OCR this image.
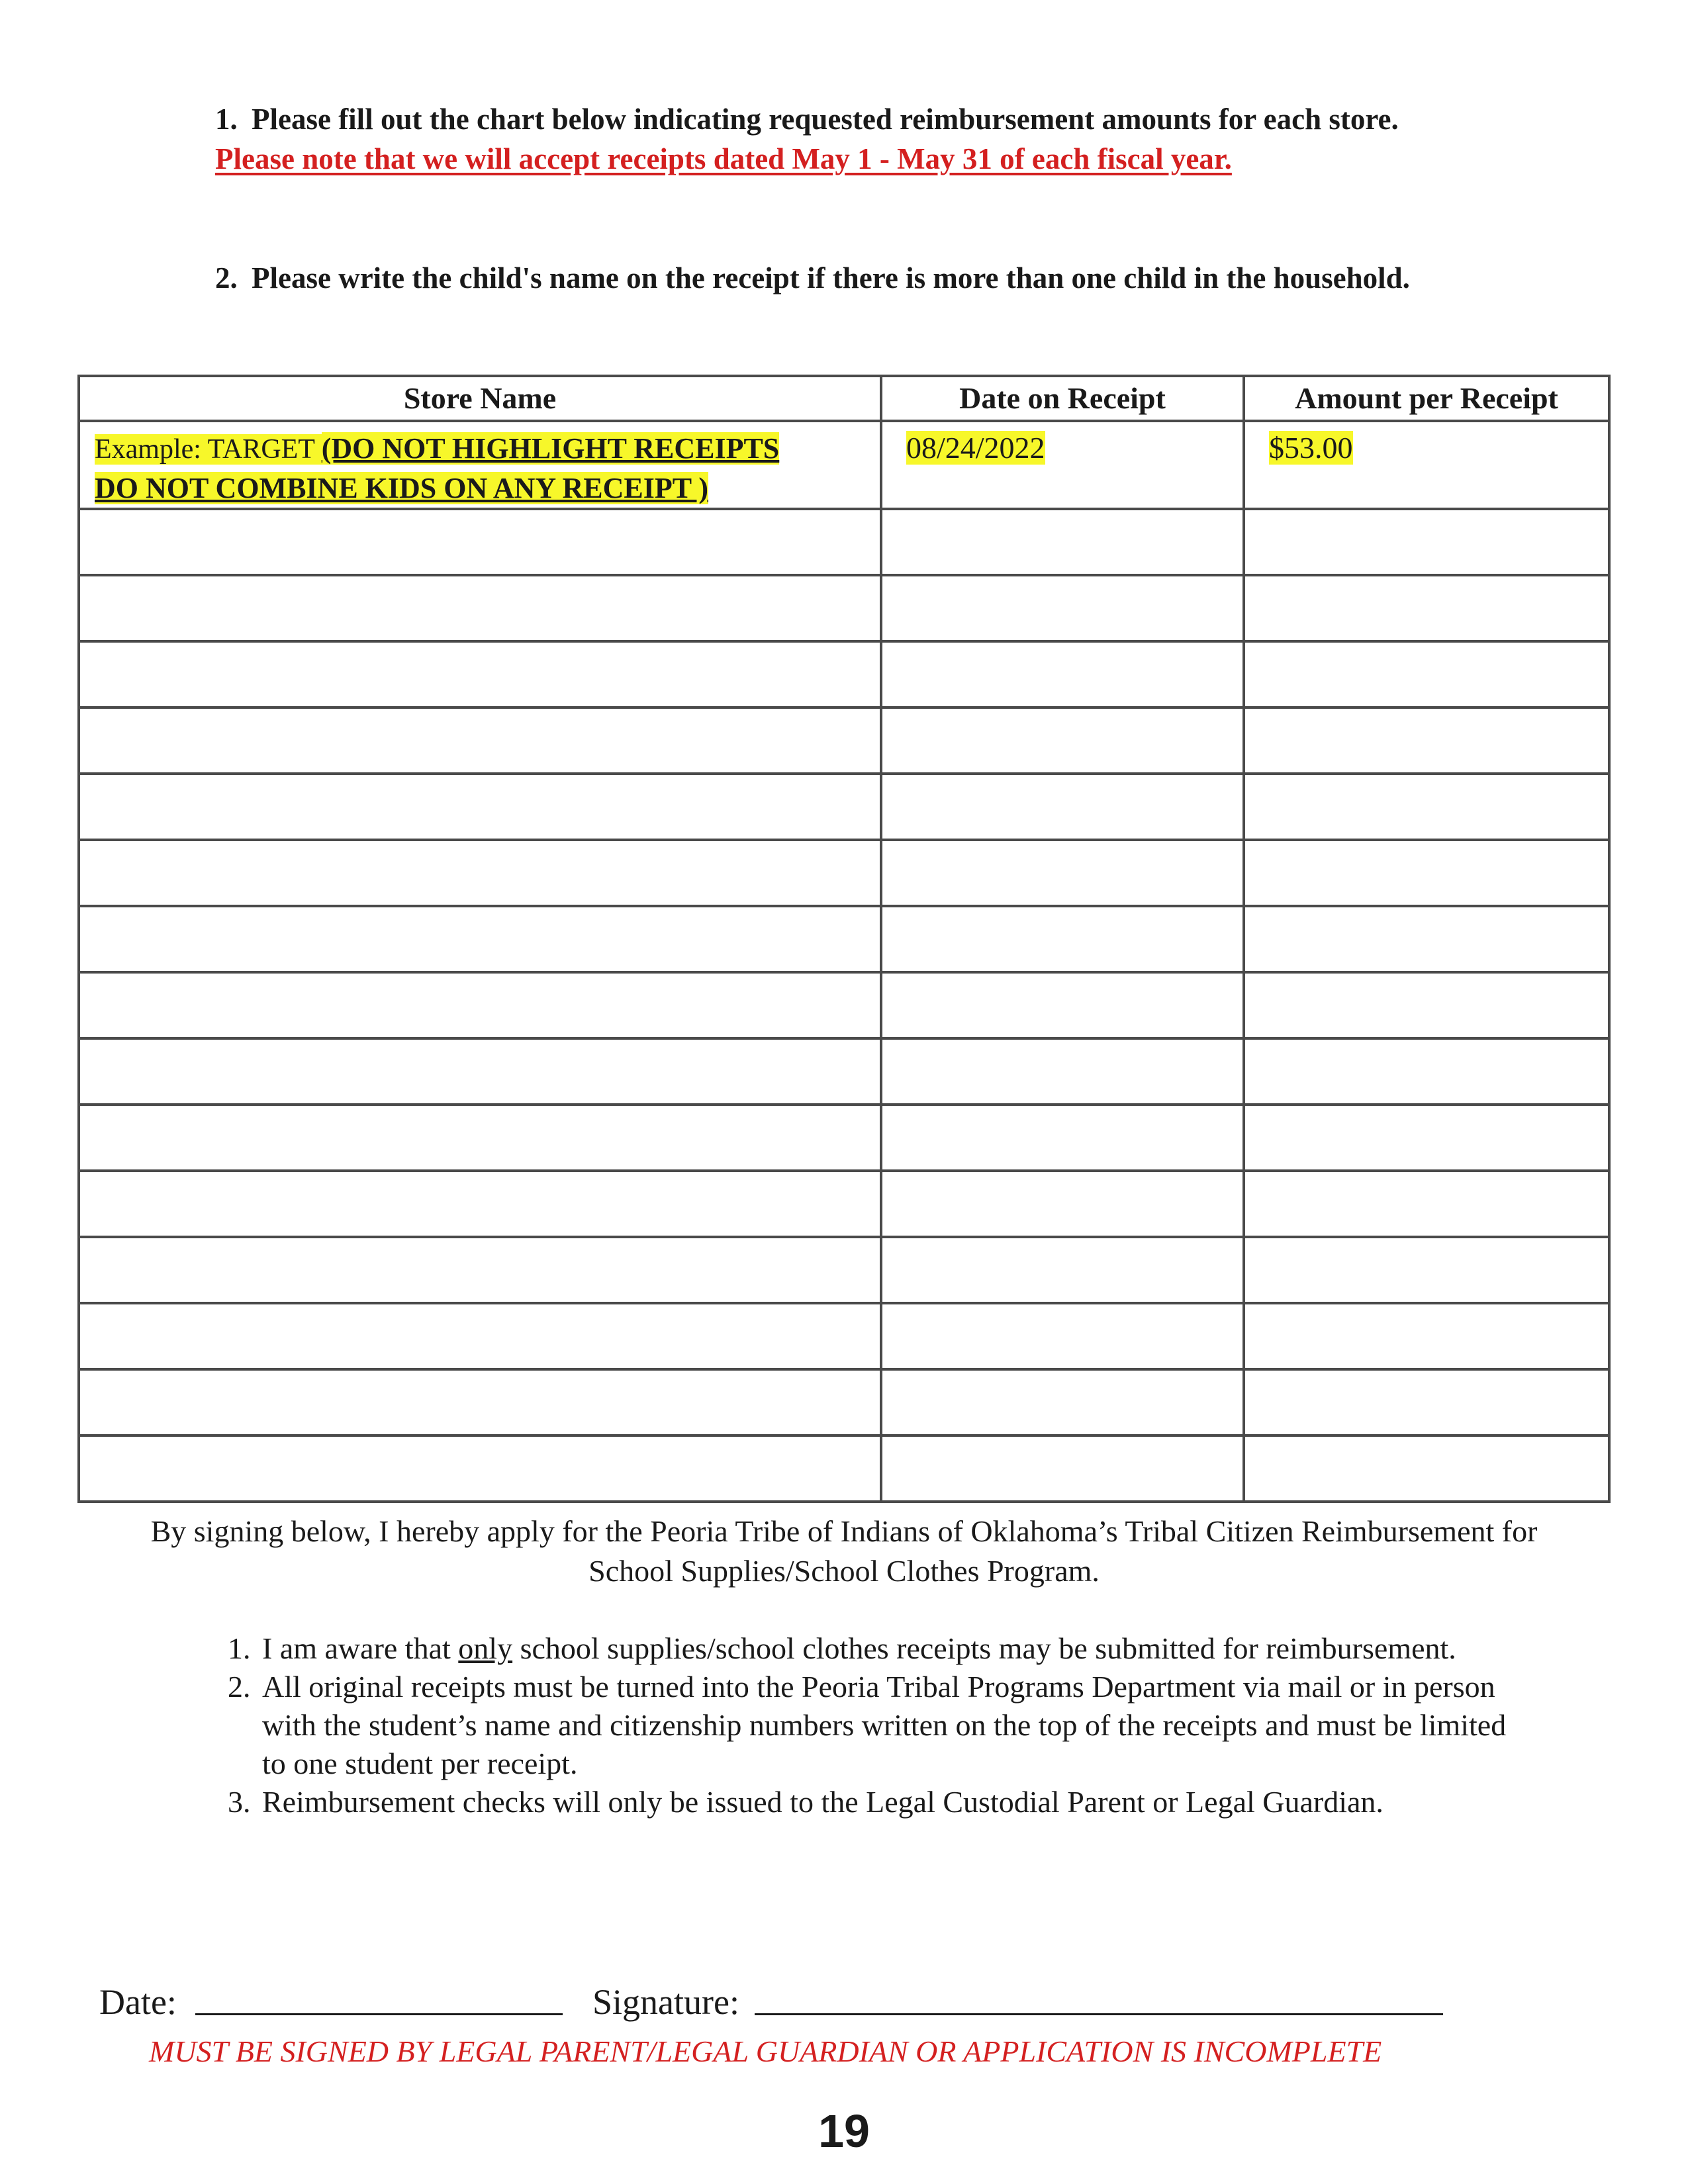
1. Please fill out the chart below indicating requested reimbursement amounts for each store. Please note that we will accept receipts dated May 1 - May 31 of each fiscal year.
2. Please write the child's name on the receipt if there is more than one child in the household.
Store Name	Date on Receipt	Amount per Receipt
Example: TARGET (DO NOT HIGHLIGHT RECEIPTS
DO NOT COMBINE KIDS ON ANY RECEIPT )	08/24/2022	$53.00

By signing below, I hereby apply for the Peoria Tribe of Indians of Oklahoma’s Tribal Citizen Reimbursement for School Supplies/School Clothes Program.
1. I am aware that only school supplies/school clothes receipts may be submitted for reimbursement.
2. All original receipts must be turned into the Peoria Tribal Programs Department via mail or in person with the student’s name and citizenship numbers written on the top of the receipts and must be limited to one student per receipt.
3. Reimbursement checks will only be issued to the Legal Custodial Parent or Legal Guardian.
Date:	Signature:
MUST BE SIGNED BY LEGAL PARENT/LEGAL GUARDIAN OR APPLICATION IS INCOMPLETE
19
